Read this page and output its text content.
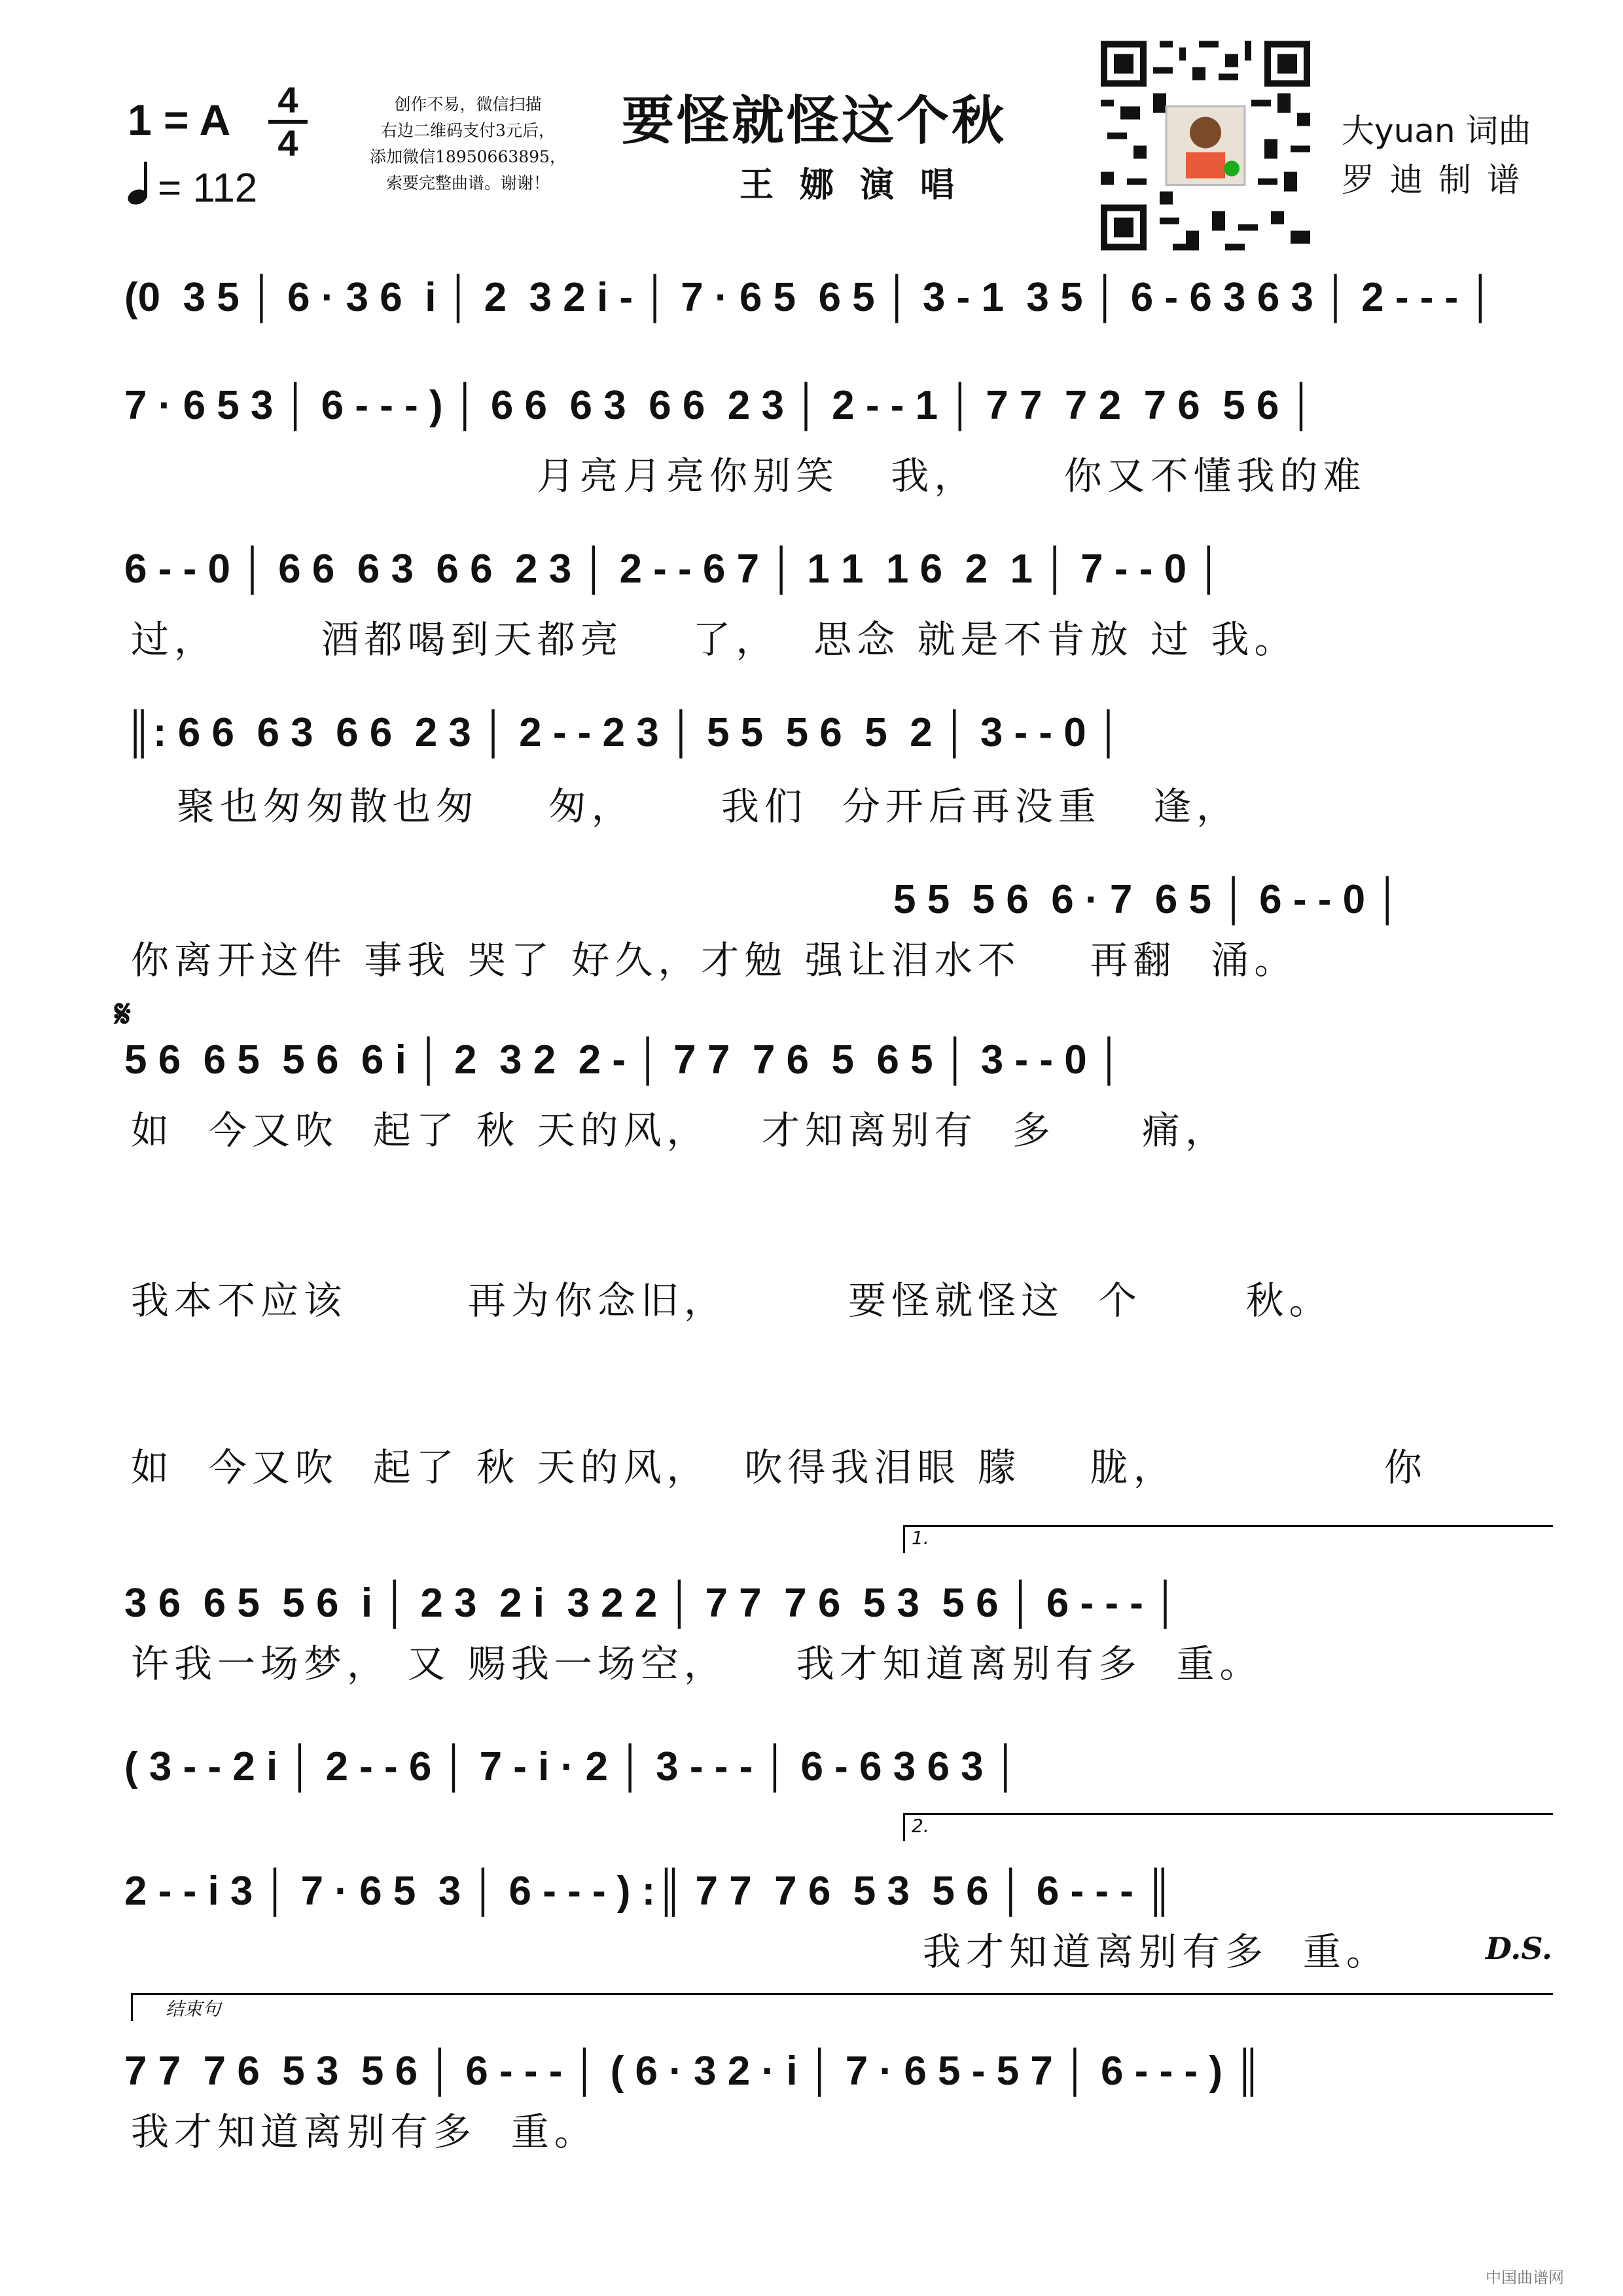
1 = A 4
4
= 112
创作不易，微信扫描
右边二维码支付3元后，
添加微信18950663895，
索要完整曲谱。谢谢！
要怪就怪这个秋
王娜演唱
大yuan 词曲
罗迪制谱
(0  3 5 │ 6 · 3 6  i │ 2  3 2 i - │ 7 · 6 5  6 5 │ 3 - 1  3 5 │ 6 - 6 3 6 3 │ 2 - - - │
7 · 6 5 3 │ 6 - - - ) │ 6 6  6 3  6 6  2 3 │ 2 - - 1 │ 7 7  7 2  7 6  5 6 │
月亮月亮你别笑   我，     你又不懂我的难
6 - - 0 │ 6 6  6 3  6 6  2 3 │ 2 - - 6 7 │ 1 1  1 6  2  1 │ 7 - - 0 │
过，      酒都喝到天都亮    了，  思念 就是不肯放 过 我。
║: 6 6  6 3  6 6  2 3 │ 2 - - 2 3 │ 5 5  5 6  5  2 │ 3 - - 0 │
聚也匆匆散也匆    匆，     我们  分开后再没重   逢，
5 5  5 6  6 · 7  6 5 │ 6 - - 0 │
你离开这件 事我 哭了 好久，才勉 强让泪水不    再翻  涌。
𝄋
5 6  6 5  5 6  6 i │ 2  3 2  2 - │ 7 7  7 6  5  6 5 │ 3 - - 0 │
如  今又吹  起了 秋 天的风，   才知离别有  多     痛，
我本不应该       再为你念旧，       要怪就怪这  个      秋。
如  今又吹  起了 秋 天的风，  吹得我泪眼 朦    胧，            你
1.
3 6  6 5  5 6  i │ 2 3  2 i  3 2 2 │ 7 7  7 6  5 3  5 6 │ 6 - - - │
许我一场梦， 又 赐我一场空，    我才知道离别有多  重。
( 3 - - 2 i │ 2 - - 6 │ 7 - i · 2 │ 3 - - - │ 6 - 6 3 6 3 │
2.
2 - - i 3 │ 7 · 6 5  3 │ 6 - - - ) :║ 7 7  7 6  5 3  5 6 │ 6 - - - ║
我才知道离别有多  重。	D.S.
结束句
7 7  7 6  5 3  5 6 │ 6 - - - │ ( 6 · 3 2 · i │ 7 · 6 5 - 5 7 │ 6 - - - ) ║
我才知道离别有多  重。
中国曲谱网
